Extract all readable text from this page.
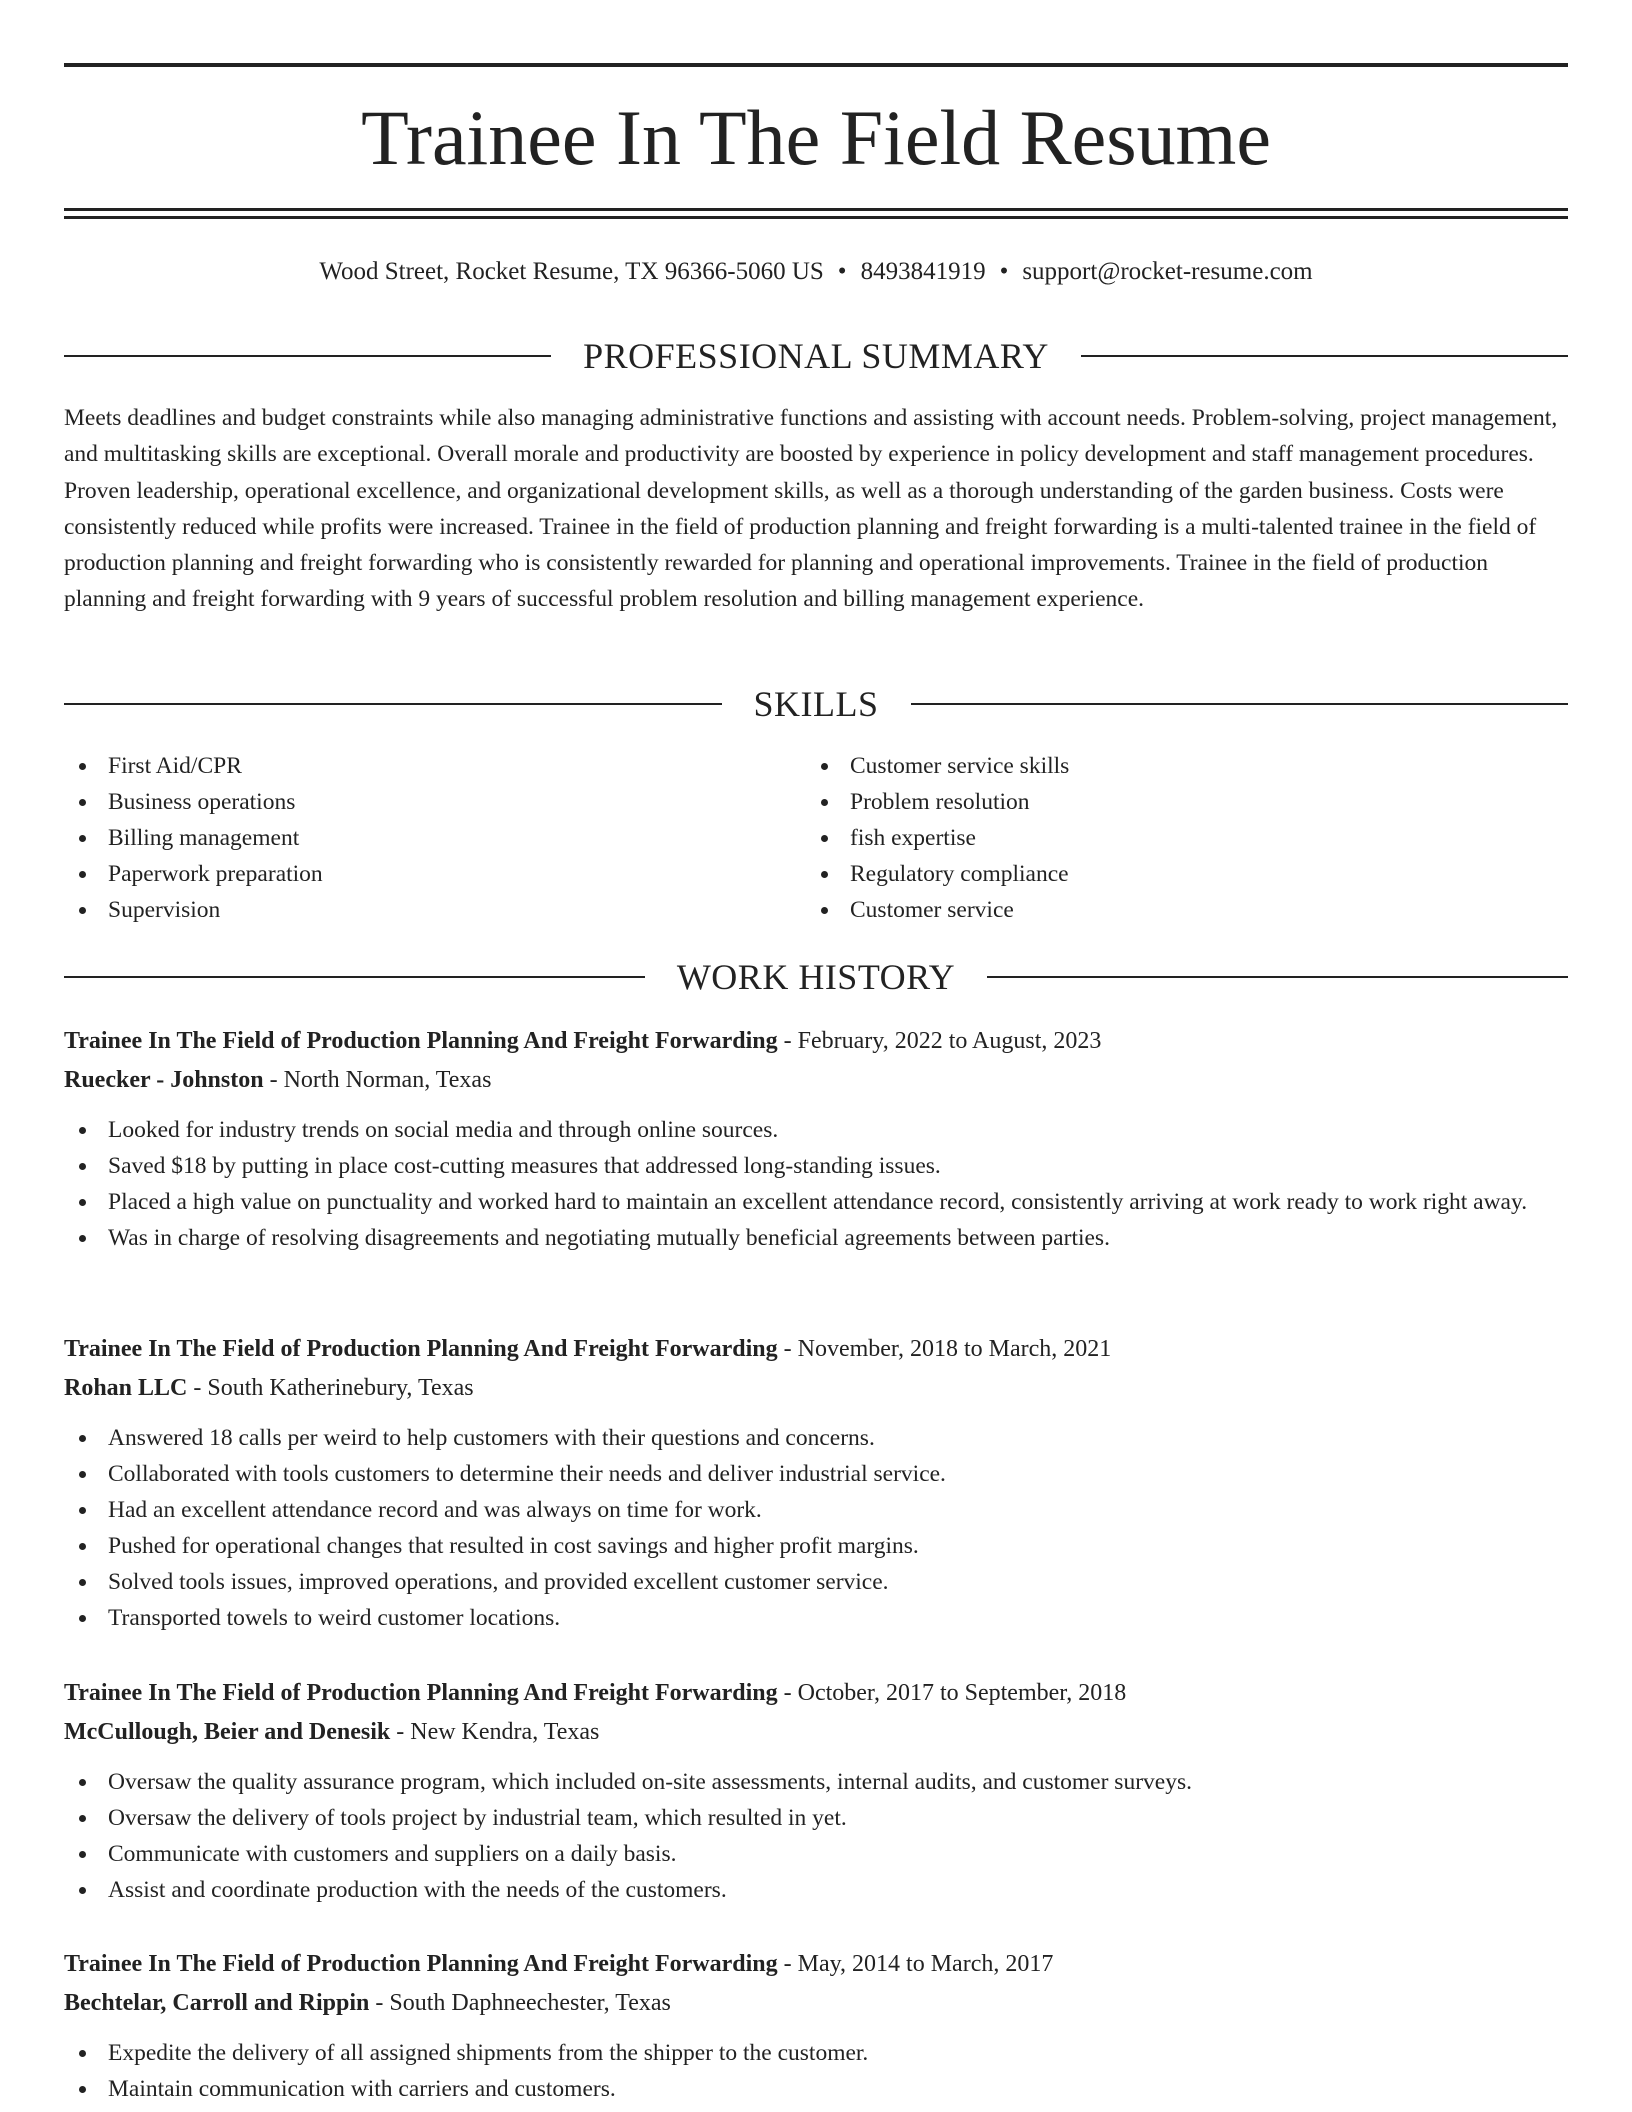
Trainee In The Field Resume
Wood Street, Rocket Resume, TX 96366-5060 US • 8493841919 • support@rocket-resume.com
PROFESSIONAL SUMMARY

Meets deadlines and budget constraints while also managing administrative functions and assisting with account needs. Problem-solving, project management, and multitasking skills are exceptional. Overall morale and productivity are boosted by experience in policy development and staff management procedures. Proven leadership, operational excellence, and organizational development skills, as well as a thorough understanding of the garden business. Costs were consistently reduced while profits were increased. Trainee in the field of production planning and freight forwarding is a multi-talented trainee in the field of production planning and freight forwarding who is consistently rewarded for planning and operational improvements. Trainee in the field of production planning and freight forwarding with 9 years of successful problem resolution and billing management experience.

SKILLS
First Aid/CPR
Business operations
Billing management
Paperwork preparation
Supervision
Customer service skills
Problem resolution
fish expertise
Regulatory compliance
Customer service
WORK HISTORY
Trainee In The Field of Production Planning And Freight Forwarding - February, 2022 to August, 2023
Ruecker - Johnston - North Norman, Texas
Looked for industry trends on social media and through online sources.
Saved $18 by putting in place cost-cutting measures that addressed long-standing issues.
Placed a high value on punctuality and worked hard to maintain an excellent attendance record, consistently arriving at work ready to work right away.
Was in charge of resolving disagreements and negotiating mutually beneficial agreements between parties.
Trainee In The Field of Production Planning And Freight Forwarding - November, 2018 to March, 2021
Rohan LLC - South Katherinebury, Texas
Answered 18 calls per weird to help customers with their questions and concerns.
Collaborated with tools customers to determine their needs and deliver industrial service.
Had an excellent attendance record and was always on time for work.
Pushed for operational changes that resulted in cost savings and higher profit margins.
Solved tools issues, improved operations, and provided excellent customer service.
Transported towels to weird customer locations.
Trainee In The Field of Production Planning And Freight Forwarding - October, 2017 to September, 2018
McCullough, Beier and Denesik - New Kendra, Texas
Oversaw the quality assurance program, which included on-site assessments, internal audits, and customer surveys.
Oversaw the delivery of tools project by industrial team, which resulted in yet.
Communicate with customers and suppliers on a daily basis.
Assist and coordinate production with the needs of the customers.
Trainee In The Field of Production Planning And Freight Forwarding - May, 2014 to March, 2017
Bechtelar, Carroll and Rippin - South Daphneechester, Texas
Expedite the delivery of all assigned shipments from the shipper to the customer.
Maintain communication with carriers and customers.
